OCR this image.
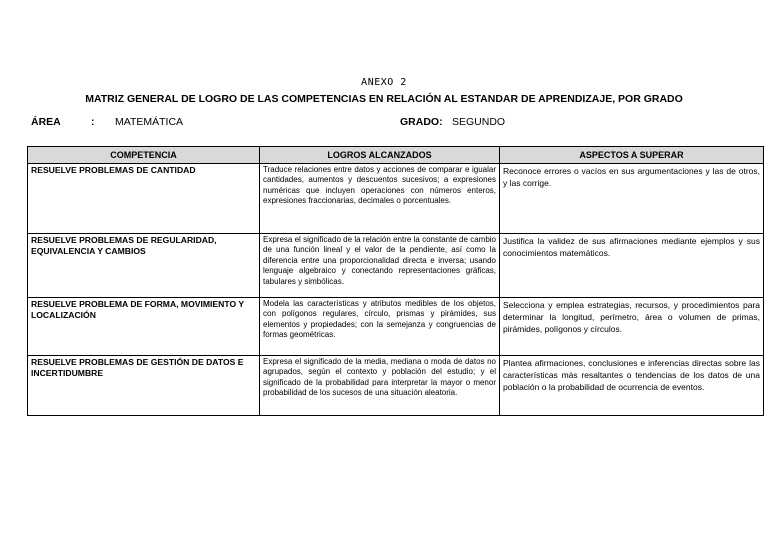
ANEXO 2
MATRIZ GENERAL DE LOGRO DE LAS COMPETENCIAS EN RELACIÓN AL ESTANDAR DE APRENDIZAJE, POR GRADO
ÁREA	: MATEMÁTICA	GRADO: SEGUNDO
COMPETENCIA	LOGROS ALCANZADOS	ASPECTOS A SUPERAR
RESUELVE PROBLEMAS DE CANTIDAD	Traduce relaciones entre datos y acciones de comparar e igualar cantidades, aumentos y descuentos sucesivos; a expresiones numéricas que incluyen operaciones con números enteros, expresiones fraccionarias, decimales o porcentuales.	Reconoce errores o vacíos en sus argumentaciones y las de otros, y las corrige.
RESUELVE PROBLEMAS DE REGULARIDAD, EQUIVALENCIA Y CAMBIOS	Expresa el significado de la relación entre la constante de cambio de una función lineal y el valor de la pendiente, así como la diferencia entre una proporcionalidad directa e inversa; usando lenguaje algebraico y conectando representaciones gráficas, tabulares y simbólicas.	Justifica la validez de sus afirmaciones mediante ejemplos y sus conocimientos matemáticos.
RESUELVE PROBLEMA DE FORMA, MOVIMIENTO Y LOCALIZACIÓN	Modela las características y atributos medibles de los objetos, con polígonos regulares, círculo, prismas y pirámides, sus elementos y propiedades; con la semejanza y congruencias de formas geométricas.	Selecciona y emplea estrategias, recursos, y procedimientos para determinar la longitud, perímetro, área o volumen de primas, pirámides, polígonos y círculos.
RESUELVE PROBLEMAS DE GESTIÓN DE DATOS E INCERTIDUMBRE	Expresa el significado de la media, mediana o moda de datos no agrupados, según el contexto y población del estudio; y el significado de la probabilidad para interpretar la mayor o menor probabilidad de los sucesos de una situación aleatoria.	Plantea afirmaciones, conclusiones e inferencias directas sobre las características más resaltantes o tendencias de los datos de una población o la probabilidad de ocurrencia de eventos.
